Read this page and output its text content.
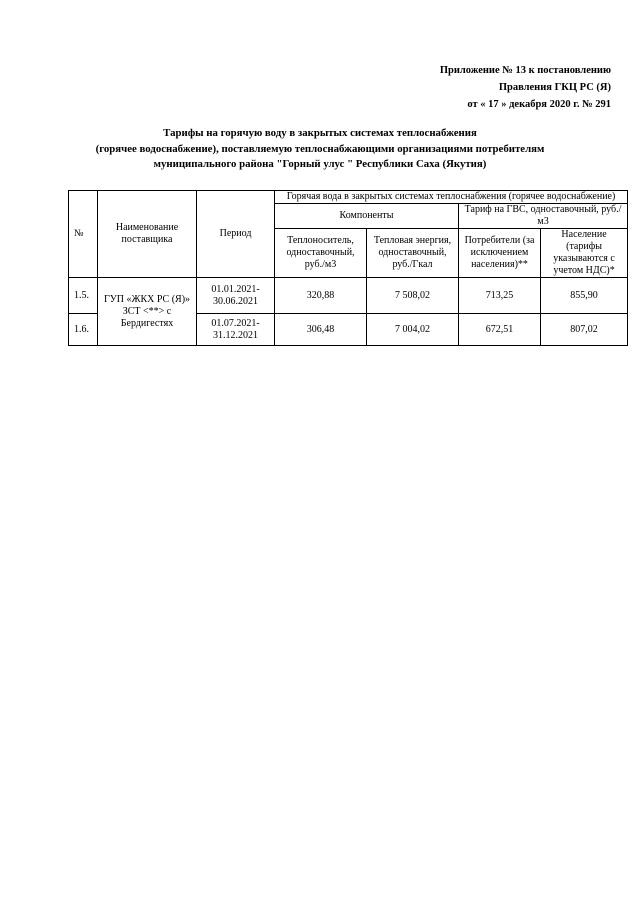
Приложение № 13 к постановлению
Правления ГКЦ РС (Я)
от « 17 » декабря 2020 г. № 291
Тарифы на горячую воду в закрытых системах теплоснабжения
(горячее водоснабжение), поставляемую теплоснабжающими организациями потребителям
муниципального района "Горный улус " Республики Саха (Якутия)
№	Наименование поставщика	Период	Горячая вода в закрытых системах теплоснабжения (горячее водоснабжение)			
			Компоненты		Тариф на ГВС, одноставочный, руб./м3	
			Теплоноситель, одноставочный, руб./м3	Тепловая энергия, одноставочный, руб./Гкал	Потребители (за исключением населения)**	Население (тарифы указываются с учетом НДС)*
1.5.	ГУП «ЖКХ РС (Я)» ЗСТ <**> с Бердигестях	01.01.2021-30.06.2021	320,88	7 508,02	713,25	855,90
1.6.		01.07.2021-31.12.2021	306,48	7 004,02	672,51	807,02
